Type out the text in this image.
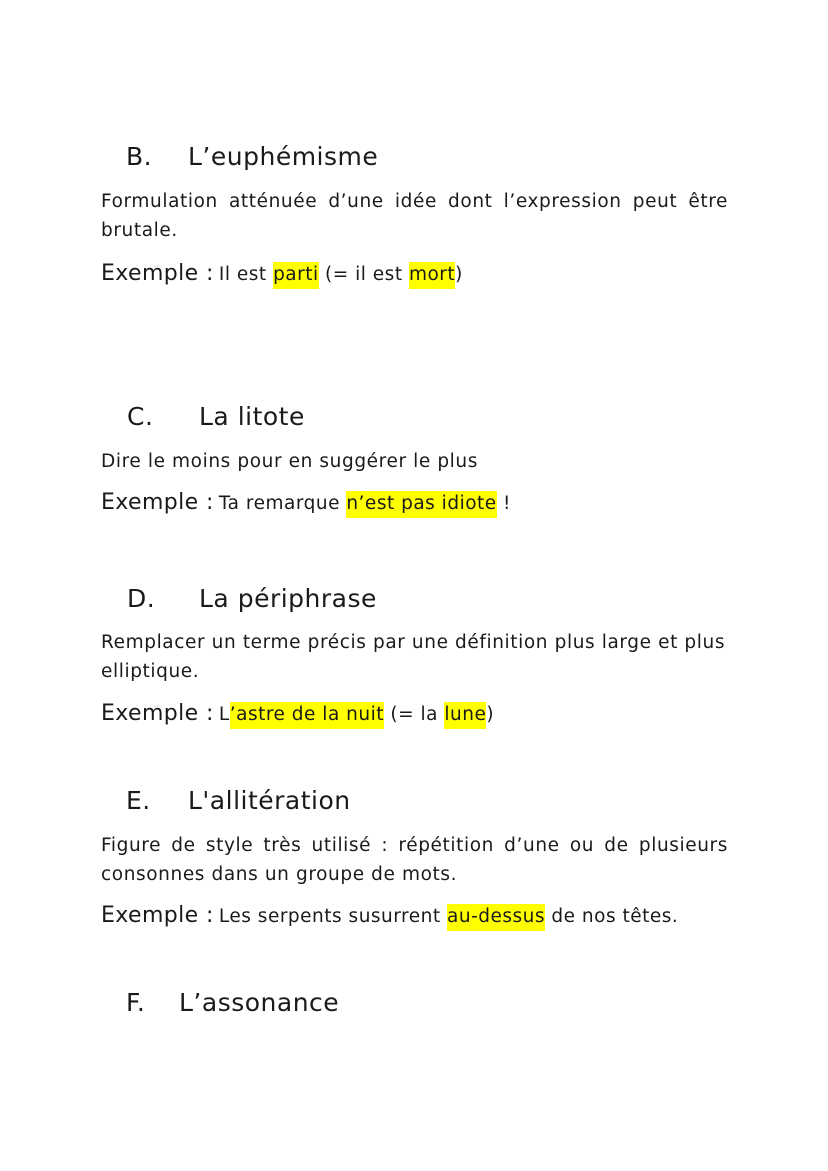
B. L’euphémisme
Formulation atténuée d’une idée dont l’expression peut être brutale.
Exemple : Il est parti (= il est mort)
C. La litote
Dire le moins pour en suggérer le plus
Exemple : Ta remarque n’est pas idiote !
D. La périphrase
Remplacer un terme précis par une définition plus large et plus elliptique.
Exemple : L’astre de la nuit (= la lune)
E. L'allitération
Figure de style très utilisé : répétition d’une ou de plusieurs consonnes dans un groupe de mots.
Exemple : Les serpents susurrent au-dessus de nos têtes.
F. L’assonance
